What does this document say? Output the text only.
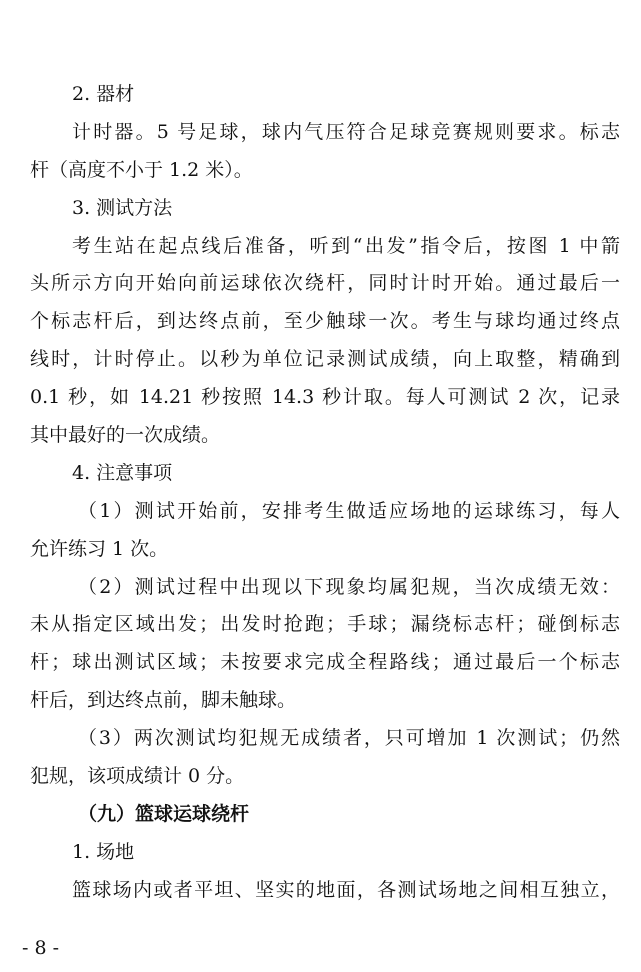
2. 器材
计时器。5 号足球，球内气压符合足球竞赛规则要求。标志
杆（高度不小于 1.2 米）。
3. 测试方法
考生站在起点线后准备，听到“出发”指令后，按图 1 中箭
头所示方向开始向前运球依次绕杆，同时计时开始。通过最后一
个标志杆后，到达终点前，至少触球一次。考生与球均通过终点
线时，计时停止。以秒为单位记录测试成绩，向上取整，精确到
0.1 秒，如 14.21 秒按照 14.3 秒计取。每人可测试 2 次，记录
其中最好的一次成绩。
4. 注意事项
（1）测试开始前，安排考生做适应场地的运球练习，每人
允许练习 1 次。
（2）测试过程中出现以下现象均属犯规，当次成绩无效：
未从指定区域出发；出发时抢跑；手球；漏绕标志杆；碰倒标志
杆；球出测试区域；未按要求完成全程路线；通过最后一个标志
杆后，到达终点前，脚未触球。
（3）两次测试均犯规无成绩者，只可增加 1 次测试；仍然
犯规，该项成绩计 0 分。
（九）篮球运球绕杆
1. 场地
篮球场内或者平坦、坚实的地面，各测试场地之间相互独立，
- 8 -
